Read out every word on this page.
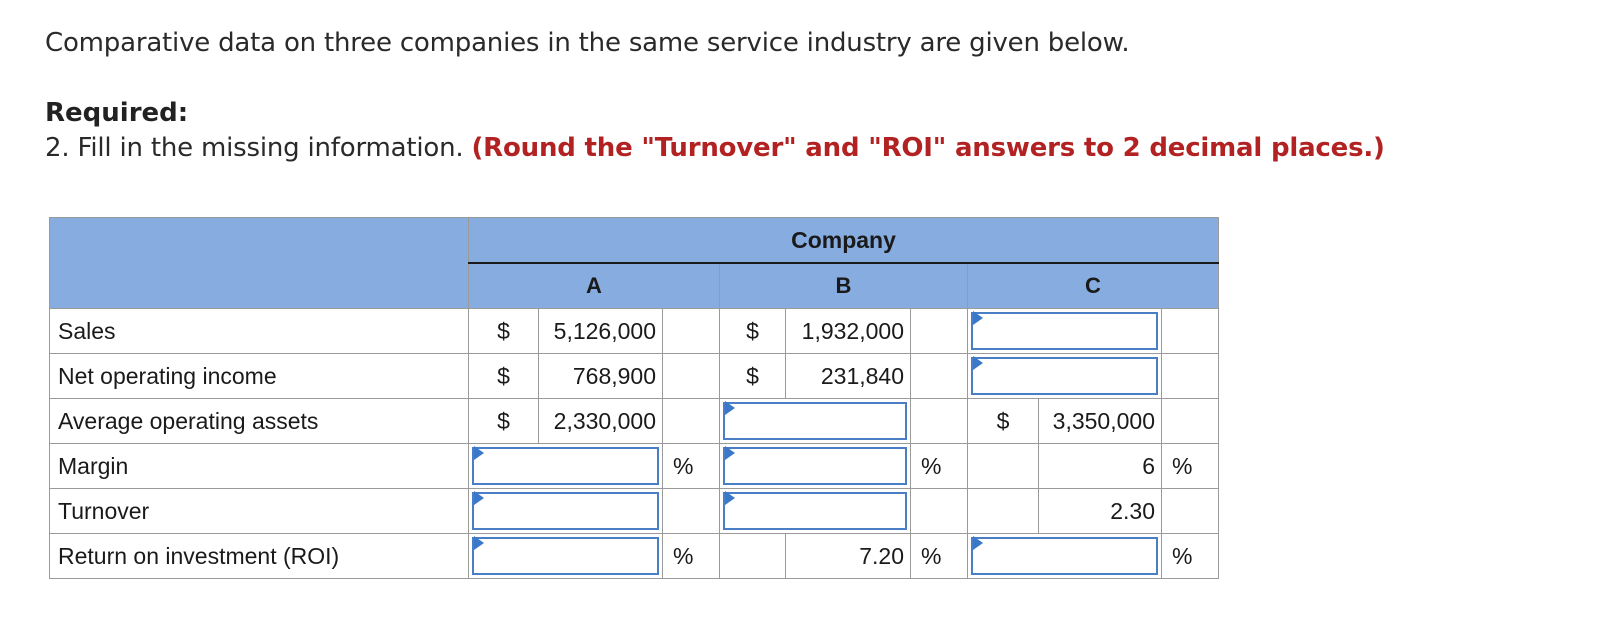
Comparative data on three companies in the same service industry are given below.
Required:
2. Fill in the missing information. (Round the "Turnover" and "ROI" answers to 2 decimal places.)
	Company								
	A			B			C		
Sales	$	5,126,000		$	1,932,000			

Net operating income	$	768,900		$	231,840			

Average operating assets	$	2,330,000					$	3,350,000	
Margin			%			%		6	%
Turnover								2.30	
Return on investment (ROI)			%		7.20	%			%
